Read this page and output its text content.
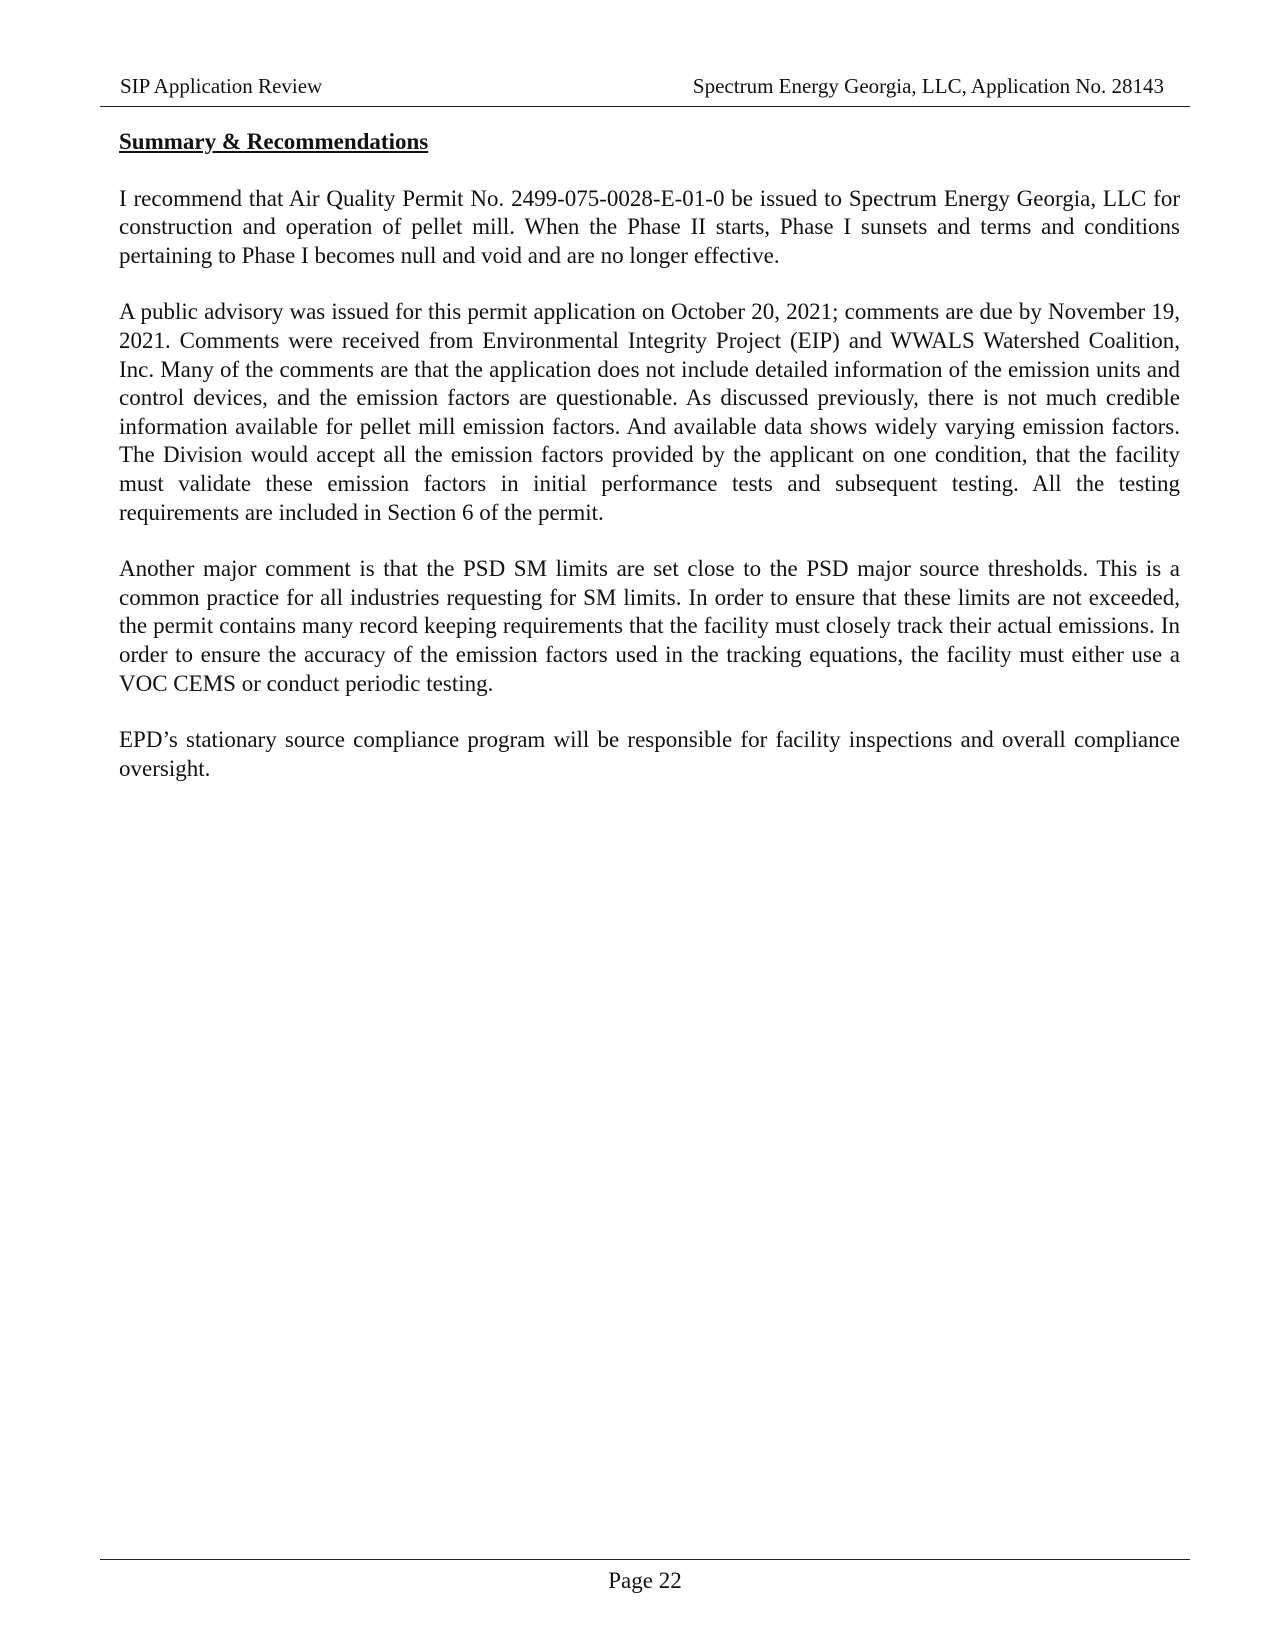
SIP Application Review	Spectrum Energy Georgia, LLC, Application No. 28143
Summary & Recommendations

I recommend that Air Quality Permit No. 2499-075-0028-E-01-0 be issued to Spectrum Energy Georgia, LLC for construction and operation of pellet mill. When the Phase II starts, Phase I sunsets and terms and conditions pertaining to Phase I becomes null and void and are no longer effective.

A public advisory was issued for this permit application on October 20, 2021; comments are due by November 19, 2021. Comments were received from Environmental Integrity Project (EIP) and WWALS Watershed Coalition, Inc. Many of the comments are that the application does not include detailed information of the emission units and control devices, and the emission factors are questionable. As discussed previously, there is not much credible information available for pellet mill emission factors. And available data shows widely varying emission factors. The Division would accept all the emission factors provided by the applicant on one condition, that the facility must validate these emission factors in initial performance tests and subsequent testing. All the testing requirements are included in Section 6 of the permit.

Another major comment is that the PSD SM limits are set close to the PSD major source thresholds. This is a common practice for all industries requesting for SM limits. In order to ensure that these limits are not exceeded, the permit contains many record keeping requirements that the facility must closely track their actual emissions. In order to ensure the accuracy of the emission factors used in the tracking equations, the facility must either use a VOC CEMS or conduct periodic testing.

EPD’s stationary source compliance program will be responsible for facility inspections and overall compliance oversight.

Page 22
